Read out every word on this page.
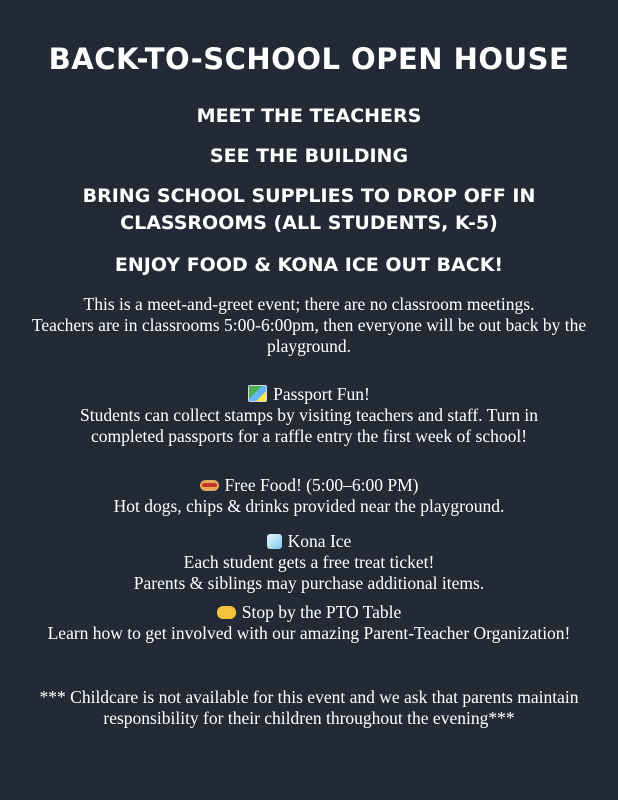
BACK-TO-SCHOOL OPEN HOUSE
MEET THE TEACHERS
SEE THE BUILDING
BRING SCHOOL SUPPLIES TO DROP OFF IN CLASSROOMS (ALL STUDENTS, K-5)
ENJOY FOOD & KONA ICE OUT BACK!

This is a meet-and-greet event; there are no classroom meetings.

Teachers are in classrooms 5:00-6:00pm, then everyone will be out back by the playground.

Passport Fun!
Students can collect stamps by visiting teachers and staff. Turn in completed passports for a raffle entry the first week of school!
Free Food! (5:00–6:00 PM)
Hot dogs, chips & drinks provided near the playground.
Kona Ice
Each student gets a free treat ticket!
Parents & siblings may purchase additional items.
Stop by the PTO Table
Learn how to get involved with our amazing Parent-Teacher Organization!
*** Childcare is not available for this event and we ask that parents maintain responsibility for their children throughout the evening***
